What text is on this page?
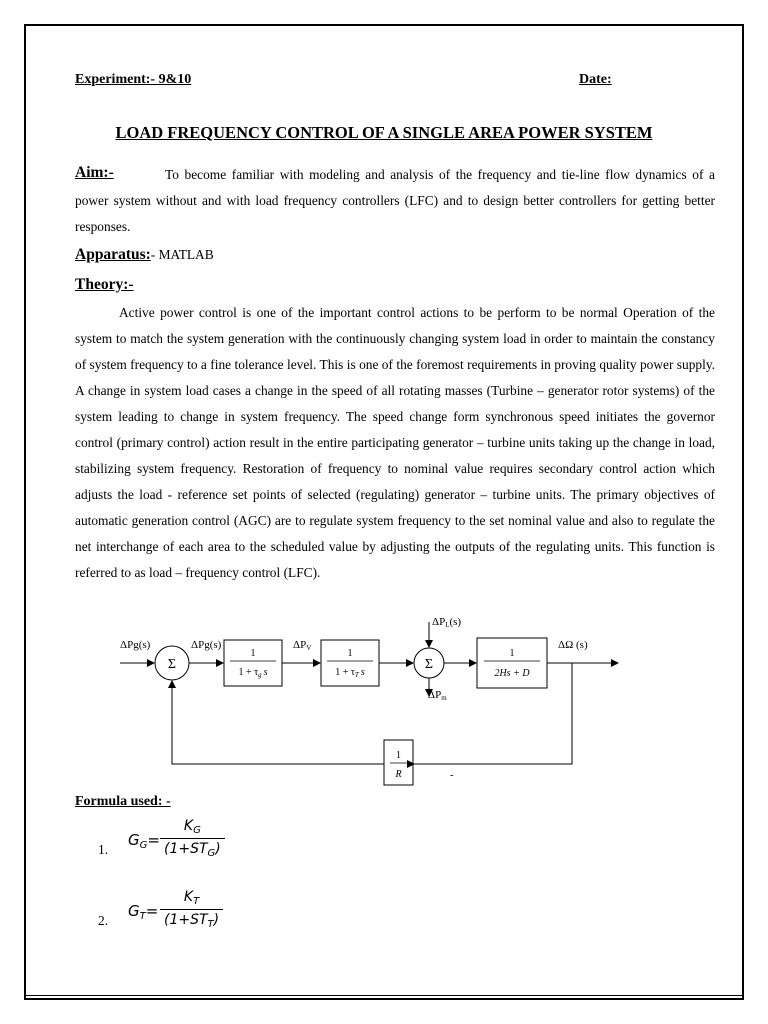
Experiment:- 9&10	Date:
LOAD FREQUENCY CONTROL OF A SINGLE AREA POWER SYSTEM
Aim:-	To become familiar with modeling and analysis of the frequency and tie-line flow dynamics of a power system without and with load frequency controllers (LFC) and to design better controllers for getting better responses.
Apparatus:- MATLAB
Theory:-
Active power control is one of the important control actions to be perform to be normal Operation of the system to match the system generation with the continuously changing system load in order to maintain the constancy of system frequency to a fine tolerance level. This is one of the foremost requirements in proving quality power supply. A change in system load cases a change in the speed of all rotating masses (Turbine – generator rotor systems) of the system leading to change in system frequency. The speed change form synchronous speed initiates the governor control (primary control) action result in the entire participating generator – turbine units taking up the change in load, stabilizing system frequency. Restoration of frequency to nominal value requires secondary control action which adjusts the load - reference set points of selected (regulating) generator – turbine units. The primary objectives of automatic generation control (AGC) are to regulate system frequency to the set nominal value and also to regulate the net interchange of each area to the scheduled value by adjusting the outputs of the regulating units. This function is referred to as load – frequency control (LFC).
ΔPg(s)	ΔPg(s)	ΔPV
ΔPL(s)
ΔPm
ΔΩ (s)
-
Σ	Σ
1
$1 + \tau_g$ s
1
$1 + \tau_T$ s
1
2Hs + D
1
R
Formula used: -
1.
$G_G=$
$K_G$
$(1+ST_G)$
2.
$G_T=$
$K_T$
$(1+ST_T)$
